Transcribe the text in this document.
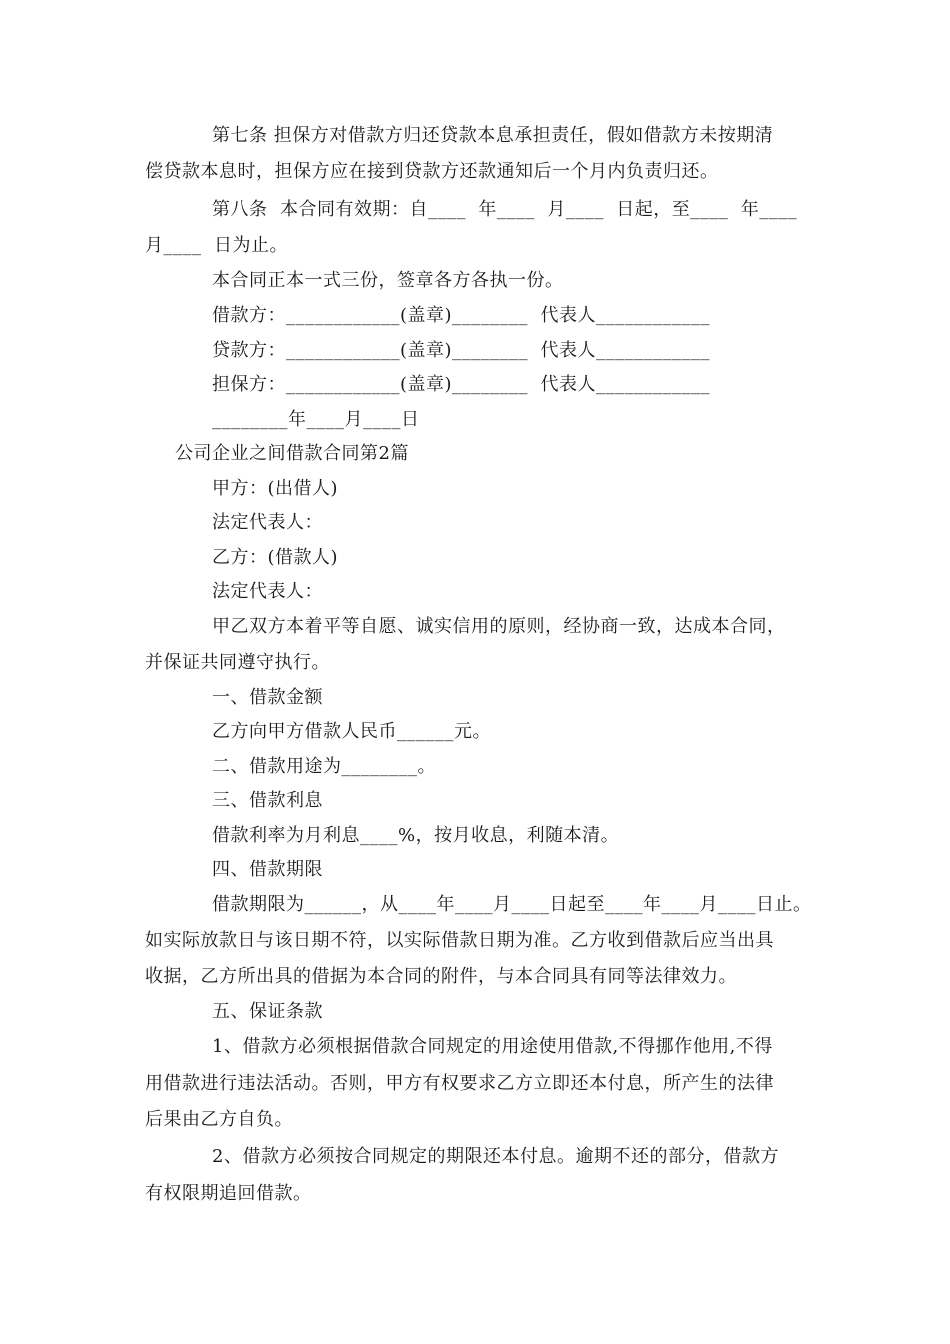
第七条 担保方对借款方归还贷款本息承担责任，假如借款方未按期清
偿贷款本息时，担保方应在接到贷款方还款通知后一个月内负责归还。
第八条  本合同有效期：自____  年____  月____  日起，至____  年____
月____  日为止。
本合同正本一式三份，签章各方各执一份。
借款方：____________(盖章)________  代表人____________
贷款方：____________(盖章)________  代表人____________
担保方：____________(盖章)________  代表人____________
________年____月____日
公司企业之间借款合同第2篇
甲方：(出借人)
法定代表人：
乙方：(借款人)
法定代表人：
甲乙双方本着平等自愿、诚实信用的原则，经协商一致，达成本合同，
并保证共同遵守执行。
一、借款金额
乙方向甲方借款人民币______元。
二、借款用途为________。
三、借款利息
借款利率为月利息____%，按月收息，利随本清。
四、借款期限
借款期限为______，从____年____月____日起至____年____月____日止。
如实际放款日与该日期不符，以实际借款日期为准。乙方收到借款后应当出具
收据，乙方所出具的借据为本合同的附件，与本合同具有同等法律效力。
五、保证条款
1、借款方必须根据借款合同规定的用途使用借款,不得挪作他用,不得
用借款进行违法活动。否则，甲方有权要求乙方立即还本付息，所产生的法律
后果由乙方自负。
2、借款方必须按合同规定的期限还本付息。逾期不还的部分，借款方
有权限期追回借款。
